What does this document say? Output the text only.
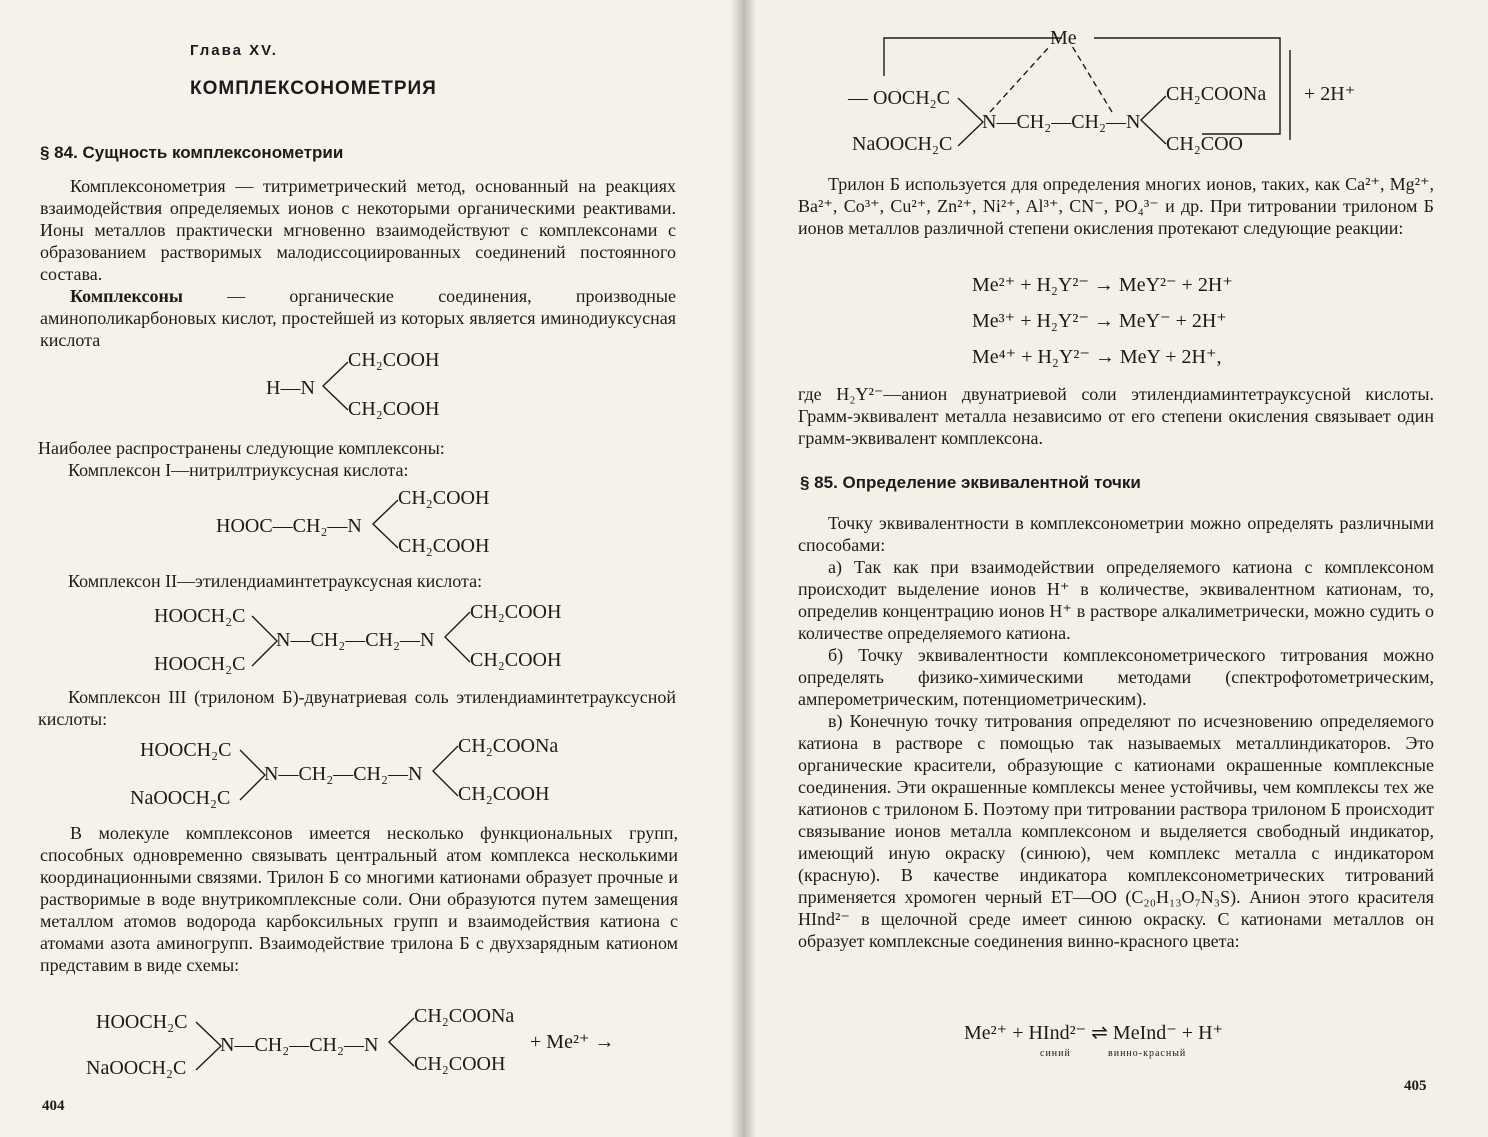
Глава XV.
КОМПЛЕКСОНОМЕТРИЯ
§ 84. Сущность комплексонометрии

Комплексонометрия — титриметрический метод, основанный на реакциях взаимодействия определяемых ионов с некоторыми органическими реактивами. Ионы металлов практически мгновенно взаимодействуют с комплексонами с образованием растворимых малодиссоциированных соединений постоянного состава.

Комплексоны — органические соединения, производные аминополикарбоновых кислот, простейшей из которых является иминодиуксусная кислота

H—N
CH₂COOH
CH₂COOH
Наиболее распространены следующие комплексоны:
Комплексон I—нитрилтриуксусная кислота:
HOOC—CH₂—N
CH₂COOH
CH₂COOH
Комплексон II—этилендиаминтетрауксусная кислота:
HOOCH₂C
HOOCH₂C
N—CH₂—CH₂—N
CH₂COOH
CH₂COOH

Комплексон III (трилоном Б)-двунатриевая соль этилендиаминтетрауксусной кислоты:

HOOCH₂C
NaOOCH₂C
N—CH₂—CH₂—N
CH₂COONa
CH₂COOH

В молекуле комплексонов имеется несколько функциональных групп, способных одновременно связывать центральный атом комплекса несколькими координационными связями. Трилон Б со многими катионами образует прочные и растворимые в воде внутрикомплексные соли. Они образуются путем замещения металлом атомов водорода карбоксильных групп и взаимодействия катиона с атомами азота аминогрупп. Взаимодействие трилона Б с двухзарядным катионом представим в виде схемы:

HOOCH₂C
NaOOCH₂C
N—CH₂—CH₂—N
CH₂COONa
CH₂COOH
+ Me²⁺ →
404
Me
— OOCH₂C
NaOOCH₂C
N—CH₂—CH₂—N
CH₂COONa
CH₂COO
+ 2H⁺

Трилон Б используется для определения многих ионов, таких, как Ca²⁺, Mg²⁺, Ba²⁺, Co³⁺, Cu²⁺, Zn²⁺, Ni²⁺, Al³⁺, CN⁻, PO₄³⁻ и др. При титровании трилоном Б ионов металлов различной степени окисления протекают следующие реакции:

Me²⁺ + H₂Y²⁻ → MeY²⁻ + 2H⁺
Me³⁺ + H₂Y²⁻ → MeY⁻ + 2H⁺
Me⁴⁺ + H₂Y²⁻ → MeY + 2H⁺,

где H₂Y²⁻—анион двунатриевой соли этилендиаминтетрауксусной кислоты. Грамм-эквивалент металла независимо от его степени окисления связывает один грамм-эквивалент комплексона.

§ 85. Определение эквивалентной точки

Точку эквивалентности в комплексонометрии можно определять различными способами:

а) Так как при взаимодействии определяемого катиона с комплексоном происходит выделение ионов H⁺ в количестве, эквивалентном катионам, то, определив концентрацию ионов H⁺ в растворе алкалиметрически, можно судить о количестве определяемого катиона.

б) Точку эквивалентности комплексонометрического титрования можно определять физико-химическими методами (спектрофотометрическим, амперометрическим, потенциометрическим).

в) Конечную точку титрования определяют по исчезновению определяемого катиона в растворе с помощью так называемых металлиндикаторов. Это органические красители, образующие с катионами окрашенные комплексные соединения. Эти окрашенные комплексы менее устойчивы, чем комплексы тех же катионов с трилоном Б. Поэтому при титровании раствора трилоном Б происходит связывание ионов металла комплексоном и выделяется свободный индикатор, имеющий иную окраску (синюю), чем комплекс металла с индикатором (красную). В качестве индикатора комплексонометрических титрований применяется хромоген черный ЕТ—ОО (C₂₀H₁₃O₇N₃S). Анион этого красителя HInd²⁻ в щелочной среде имеет синюю окраску. С катионами металлов он образует комплексные соединения винно-красного цвета:

Me²⁺ + HInd²⁻ ⇌ MeInd⁻ + H⁺
синий	винно-красный
405
